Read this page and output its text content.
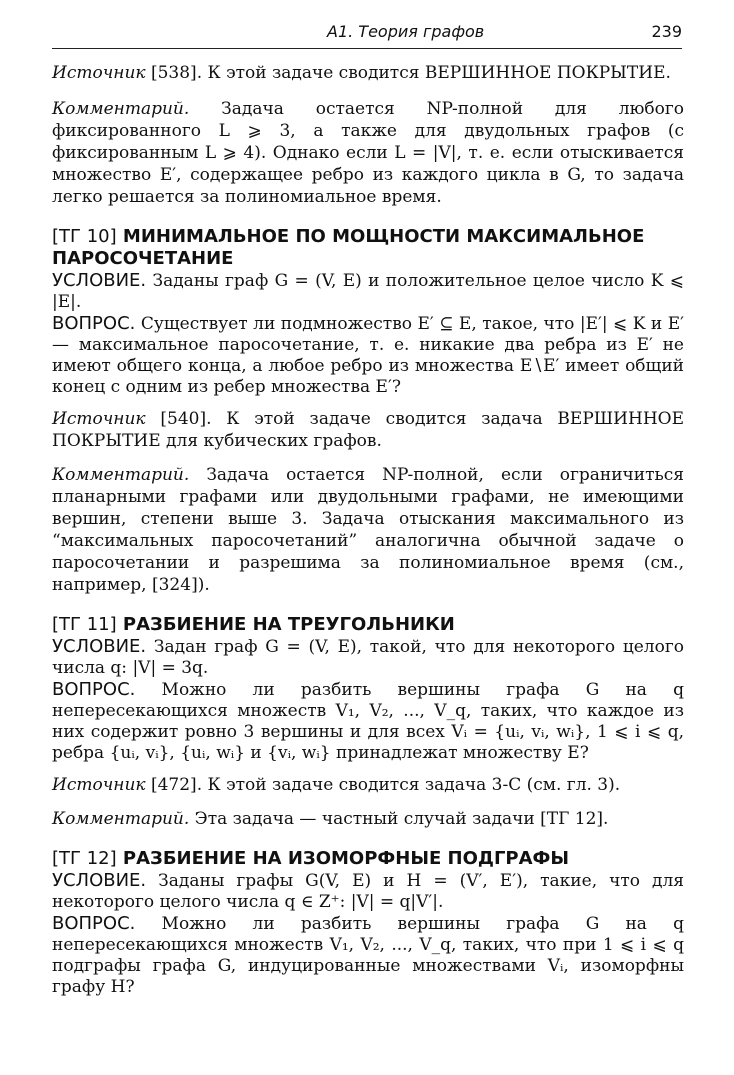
А1. Теория графов	239

Источник [538]. К этой задаче сводится ВЕРШИННОЕ ПОКРЫТИЕ.

Комментарий. Задача остается NP-полной для любого фиксированного L ⩾ 3, а также для двудольных графов (с фиксированным L ⩾ 4). Однако если L = |V|, т. е. если отыскивается множество E′, содержащее ребро из каждого цикла в G, то задача легко решается за полиномиальное время.

[ТГ 10] МИНИМАЛЬНОЕ ПО МОЩНОСТИ МАКСИМАЛЬНОЕ ПАРОСОЧЕТАНИЕ

УСЛОВИЕ. Заданы граф G = (V, E) и положительное целое число K ⩽ |E|.

ВОПРОС. Существует ли подмножество E′ ⊆ E, такое, что |E′| ⩽ K и E′ — максимальное паросочетание, т. е. никакие два ребра из E′ не имеют общего конца, а любое ребро из множества E∖E′ имеет общий конец с одним из ребер множества E′?

Источник [540]. К этой задаче сводится задача ВЕРШИННОЕ ПОКРЫТИЕ для кубических графов.

Комментарий. Задача остается NP-полной, если ограничиться планарными графами или двудольными графами, не имеющими вершин, степени выше 3. Задача отыскания максимального из “максимальных паросочетаний” аналогична обычной задаче о паросочетании и разрешима за полиномиальное время (см., например, [324]).

[ТГ 11] РАЗБИЕНИЕ НА ТРЕУГОЛЬНИКИ

УСЛОВИЕ. Задан граф G = (V, E), такой, что для некоторого целого числа q: |V| = 3q.

ВОПРОС. Можно ли разбить вершины графа G на q непересекающихся множеств V₁, V₂, ..., V_q, таких, что каждое из них содержит ровно 3 вершины и для всех Vᵢ = {uᵢ, vᵢ, wᵢ}, 1 ⩽ i ⩽ q, ребра {uᵢ, vᵢ}, {uᵢ, wᵢ} и {vᵢ, wᵢ} принадлежат множеству E?

Источник [472]. К этой задаче сводится задача 3-С (см. гл. 3).

Комментарий. Эта задача — частный случай задачи [ТГ 12].

[ТГ 12] РАЗБИЕНИЕ НА ИЗОМОРФНЫЕ ПОДГРАФЫ

УСЛОВИЕ. Заданы графы G(V, E) и H = (V′, E′), такие, что для некоторого целого числа q ∈ Z⁺: |V| = q|V′|.

ВОПРОС. Можно ли разбить вершины графа G на q непересекающихся множеств V₁, V₂, ..., V_q, таких, что при 1 ⩽ i ⩽ q подграфы графа G, индуцированные множествами Vᵢ, изоморфны графу H?
